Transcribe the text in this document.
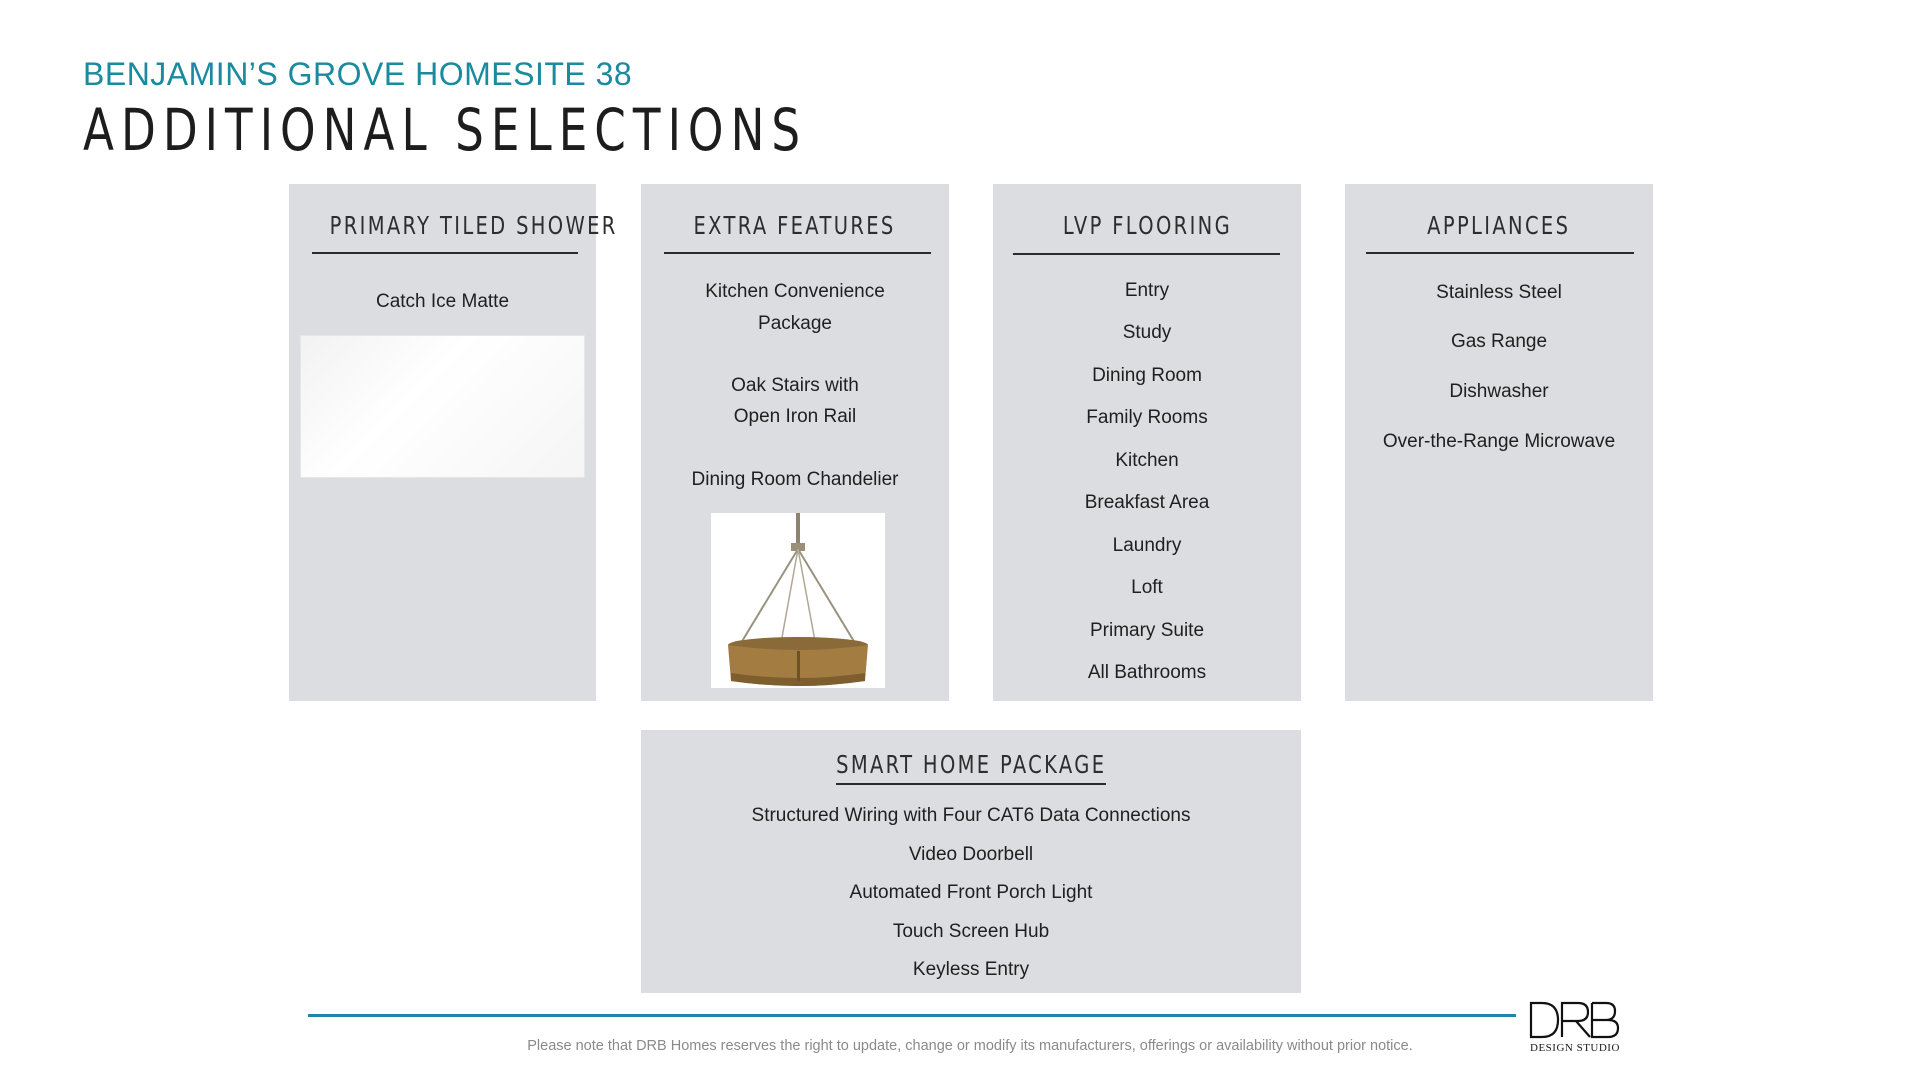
BENJAMIN’S GROVE HOMESITE 38
ADDITIONAL SELECTIONS
PRIMARY TILED SHOWER
Catch Ice Matte
EXTRA FEATURES
Kitchen Convenience
Package
Oak Stairs with
Open Iron Rail
Dining Room Chandelier
LVP FLOORING
Entry
Study
Dining Room
Family Rooms
Kitchen
Breakfast Area
Laundry
Loft
Primary Suite
All Bathrooms
APPLIANCES
Stainless Steel
Gas Range
Dishwasher
Over-the-Range Microwave
SMART HOME PACKAGE
Structured Wiring with Four CAT6 Data Connections
Video Doorbell
Automated Front Porch Light
Touch Screen Hub
Keyless Entry
Please note that DRB Homes reserves the right to update, change or modify its manufacturers, offerings or availability without prior notice.	DESIGN STUDIO
